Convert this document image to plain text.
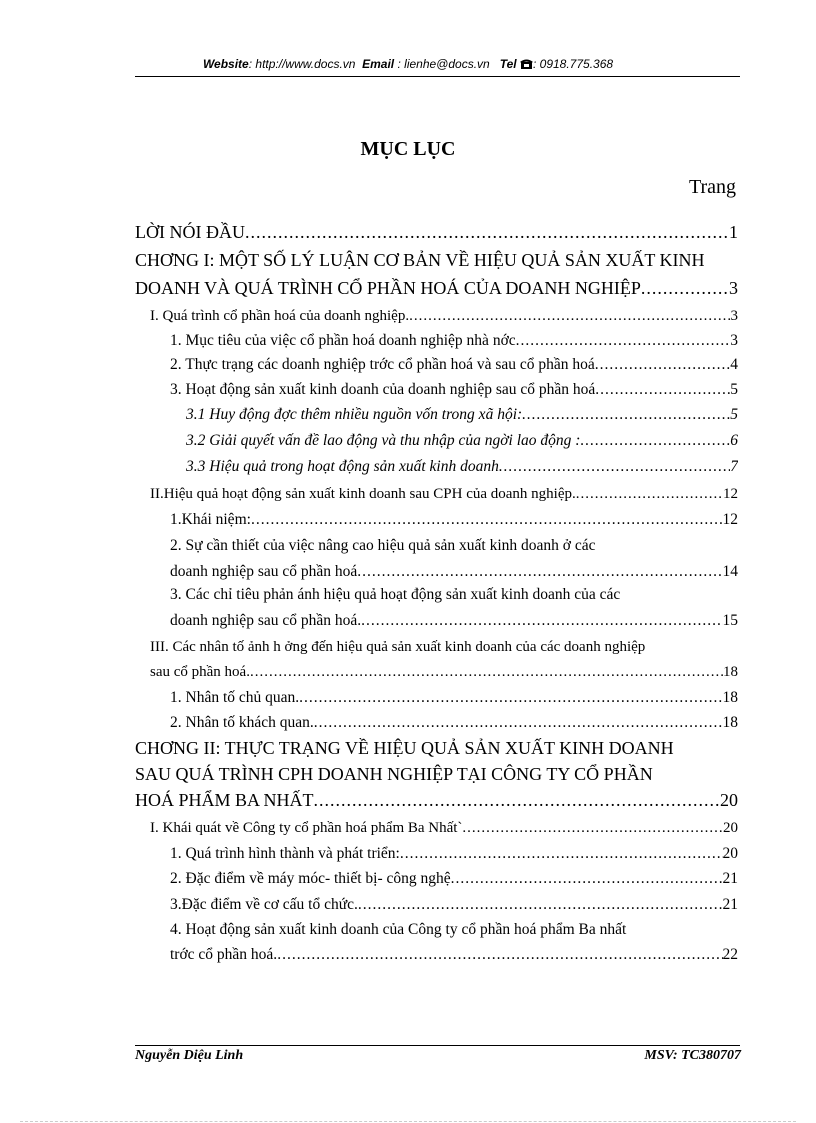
Website: http://www.docs.vn Email : lienhe@docs.vn Tel : 0918.775.368
MỤC LỤC
Trang
LỜI NÓI ĐẦU .....	1
CHƠNG I: MỘT SỐ LÝ LUẬN CƠ BẢN VỀ HIỆU QUẢ SẢN XUẤT KINH
DOANH VÀ QUÁ TRÌNH CỔ PHẦN HOÁ CỦA DOANH NGHIỆP .....	3
I. Quá trình cổ phần hoá của doanh nghiệp. .....	3
1. Mục tiêu của việc cổ phần hoá doanh nghiệp nhà nớc .....	3
2. Thực trạng các doanh nghiệp trớc cổ phần hoá và sau cổ phần hoá .....	4
3. Hoạt động sản xuất kinh doanh của doanh nghiệp sau cổ phần hoá .....	5
3.1 Huy động đợc thêm nhiều nguồn vốn trong xã hội: .....	5
3.2 Giải quyết vấn đề lao động và thu nhập của ngời lao động : .....	6
3.3 Hiệu quả trong hoạt động sản xuất kinh doanh .....	7
II.Hiệu quả hoạt động sản xuất kinh doanh sau CPH của doanh nghiệp. .....	12
1.Khái niệm: .....	12
2. Sự cần thiết của việc nâng cao hiệu quả sản xuất kinh doanh ở các
doanh nghiệp sau cổ phần hoá .....	14
3. Các chỉ tiêu phản ánh hiệu quả hoạt động sản xuất kinh doanh của các
doanh nghiệp sau cổ phần hoá. .....	15
III. Các nhân tố ảnh h ởng đến hiệu quả sản xuất kinh doanh của các doanh nghiệp
sau cổ phần hoá. .....	18
1. Nhân tố chủ quan. .....	18
2. Nhân tố khách quan. .....	18
CHƠNG II: THỰC TRẠNG VỀ HIỆU QUẢ SẢN XUẤT KINH DOANH
SAU QUÁ TRÌNH CPH DOANH NGHIỆP TẠI CÔNG TY CỔ PHẦN
HOÁ PHẨM BA NHẤT .....	20
I. Khái quát về Công ty cổ phần hoá phẩm Ba Nhất` .....	20
1. Quá trình hình thành và phát triển: .....	20
2. Đặc điểm về máy móc- thiết bị- công nghệ .....	21
3.Đặc điểm về cơ cấu tổ chức. .....	21
4. Hoạt động sản xuất kinh doanh của Công ty cổ phần hoá phẩm Ba nhất
trớc cổ phần hoá. .....	22
Nguyễn Diệu Linh	MSV: TC380707
